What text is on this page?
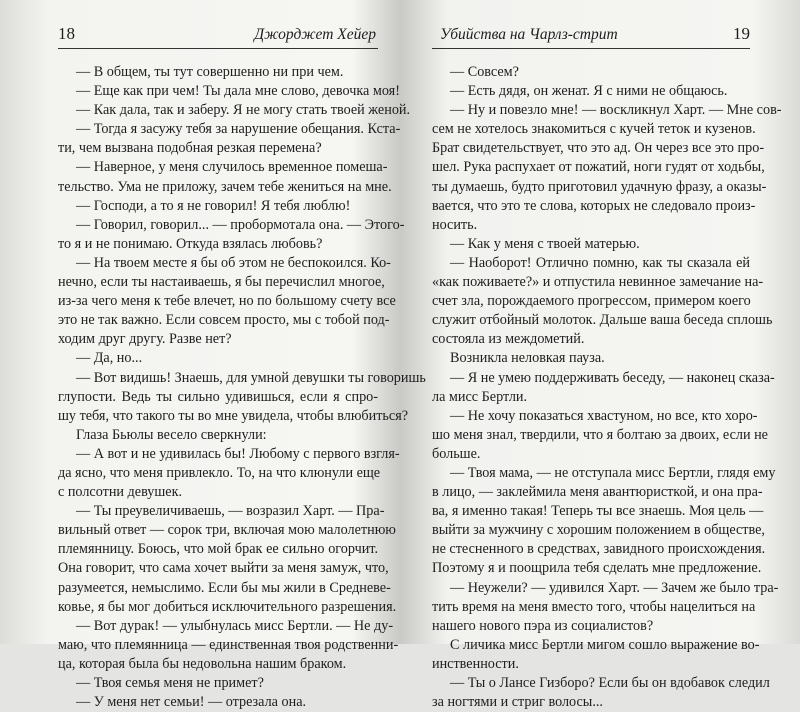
18	Джорджет Хейер
— В общем, ты тут совершенно ни при чем.
— Еще как при чем! Ты дала мне слово, девочка моя!
— Как дала, так и заберу. Я не могу стать твоей женой.
— Тогда я засужу тебя за нарушение обещания. Кста-
ти, чем вызвана подобная резкая перемена?
— Наверное, у меня случилось временное помеша-
тельство. Ума не приложу, зачем тебе жениться на мне.
— Господи, а то я не говорил! Я тебя люблю!
— Говорил, говорил... — пробормотала она. — Этого-
то я и не понимаю. Откуда взялась любовь?
— На твоем месте я бы об этом не беспокоился. Ко-
нечно, если ты настаиваешь, я бы перечислил многое,
из-за чего меня к тебе влечет, но по большому счету все
это не так важно. Если совсем просто, мы с тобой под-
ходим друг другу. Разве нет?
— Да, но...
— Вот видишь! Знаешь, для умной девушки ты говоришь
глупости. Ведь ты сильно удивишься, если я спро-
шу тебя, что такого ты во мне увидела, чтобы влюбиться?
Глаза Бьюлы весело сверкнули:
— А вот и не удивилась бы! Любому с первого взгля-
да ясно, что меня привлекло. То, на что клюнули еще
с полсотни девушек.
— Ты преувеличиваешь, — возразил Харт. — Пра-
вильный ответ — сорок три, включая мою малолетнюю
племянницу. Боюсь, что мой брак ее сильно огорчит.
Она говорит, что сама хочет выйти за меня замуж, что,
разумеется, немыслимо. Если бы мы жили в Средневе-
ковье, я бы мог добиться исключительного разрешения.
— Вот дурак! — улыбнулась мисс Бертли. — Не ду-
маю, что племянница — единственная твоя родственни-
ца, которая была бы недовольна нашим браком.
— Твоя семья меня не примет?
— У меня нет семьи! — отрезала она.
Убийства на Чарлз-стрит	19
— Совсем?
— Есть дядя, он женат. Я с ними не общаюсь.
— Ну и повезло мне! — воскликнул Харт. — Мне сов-
сем не хотелось знакомиться с кучей теток и кузенов.
Брат свидетельствует, что это ад. Он через все это про-
шел. Рука распухает от пожатий, ноги гудят от ходьбы,
ты думаешь, будто приготовил удачную фразу, а оказы-
вается, что это те слова, которых не следовало произ-
носить.
— Как у меня с твоей матерью.
— Наоборот! Отлично помню, как ты сказала ей
«как поживаете?» и отпустила невинное замечание на-
счет зла, порождаемого прогрессом, примером коего
служит отбойный молоток. Дальше ваша беседа сплошь
состояла из междометий.
Возникла неловкая пауза.
— Я не умею поддерживать беседу, — наконец сказа-
ла мисс Бертли.
— Не хочу показаться хвастуном, но все, кто хоро-
шо меня знал, твердили, что я болтаю за двоих, если не
больше.
— Твоя мама, — не отступала мисс Бертли, глядя ему
в лицо, — заклеймила меня авантюристкой, и она пра-
ва, я именно такая! Теперь ты все знаешь. Моя цель —
выйти за мужчину с хорошим положением в обществе,
не стесненного в средствах, завидного происхождения.
Поэтому я и поощрила тебя сделать мне предложение.
— Неужели? — удивился Харт. — Зачем же было тра-
тить время на меня вместо того, чтобы нацелиться на
нашего нового пэра из социалистов?
С личика мисс Бертли мигом сошло выражение во-
инственности.
— Ты о Лансе Гизборо? Если бы он вдобавок следил
за ногтями и стриг волосы...
